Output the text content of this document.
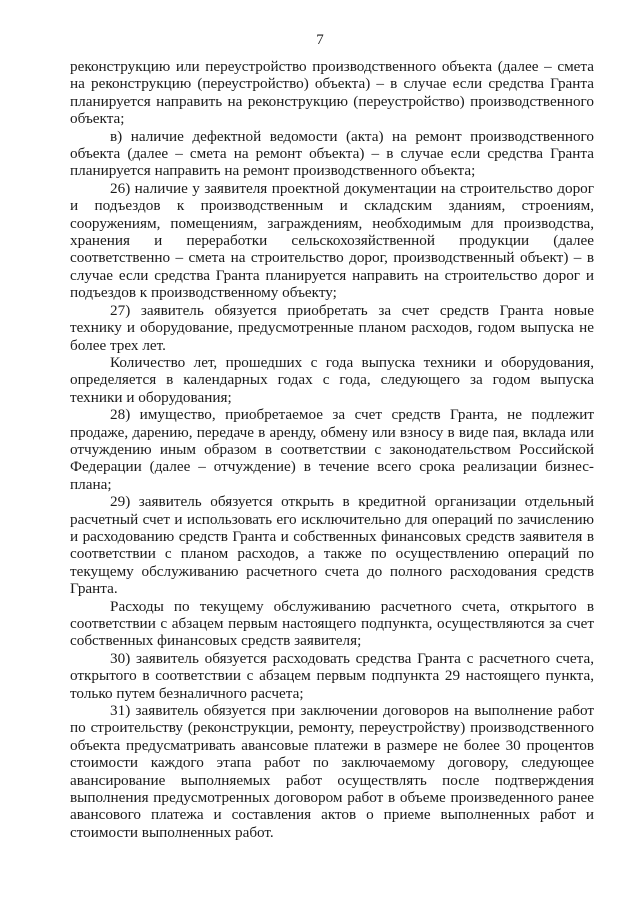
7

реконструкцию или переустройство производственного объекта (далее – смета на реконструкцию (переустройство) объекта) – в случае если средства Гранта планируется направить на реконструкцию (переустройство) производственного объекта;

в) наличие дефектной ведомости (акта) на ремонт производственного объекта (далее – смета на ремонт объекта) – в случае если средства Гранта планируется направить на ремонт производственного объекта;

26) наличие у заявителя проектной документации на строительство дорог и подъездов к производственным и складским зданиям, строениям, сооружениям, помещениям, заграждениям, необходимым для производства, хранения и переработки сельскохозяйственной продукции (далее соответственно – смета на строительство дорог, производственный объект) – в случае если средства Гранта планируется направить на строительство дорог и подъездов к производственному объекту;

27) заявитель обязуется приобретать за счет средств Гранта новые технику и оборудование, предусмотренные планом расходов, годом выпуска не более трех лет.

Количество лет, прошедших с года выпуска техники и оборудования, определяется в календарных годах с года, следующего за годом выпуска техники и оборудования;

28) имущество, приобретаемое за счет средств Гранта, не подлежит продаже, дарению, передаче в аренду, обмену или взносу в виде пая, вклада или отчуждению иным образом в соответствии с законодательством Российской Федерации (далее – отчуждение) в течение всего срока реализации бизнес-плана;

29) заявитель обязуется открыть в кредитной организации отдельный расчетный счет и использовать его исключительно для операций по зачислению и расходованию средств Гранта и собственных финансовых средств заявителя в соответствии с планом расходов, а также по осуществлению операций по текущему обслуживанию расчетного счета до полного расходования средств Гранта.

Расходы по текущему обслуживанию расчетного счета, открытого в соответствии с абзацем первым настоящего подпункта, осуществляются за счет собственных финансовых средств заявителя;

30) заявитель обязуется расходовать средства Гранта с расчетного счета, открытого в соответствии с абзацем первым подпункта 29 настоящего пункта, только путем безналичного расчета;

31) заявитель обязуется при заключении договоров на выполнение работ по строительству (реконструкции, ремонту, переустройству) производственного объекта предусматривать авансовые платежи в размере не более 30 процентов стоимости каждого этапа работ по заключаемому договору, следующее авансирование выполняемых работ осуществлять после подтверждения выполнения предусмотренных договором работ в объеме произведенного ранее авансового платежа и составления актов о приеме выполненных работ и стоимости выполненных работ.
